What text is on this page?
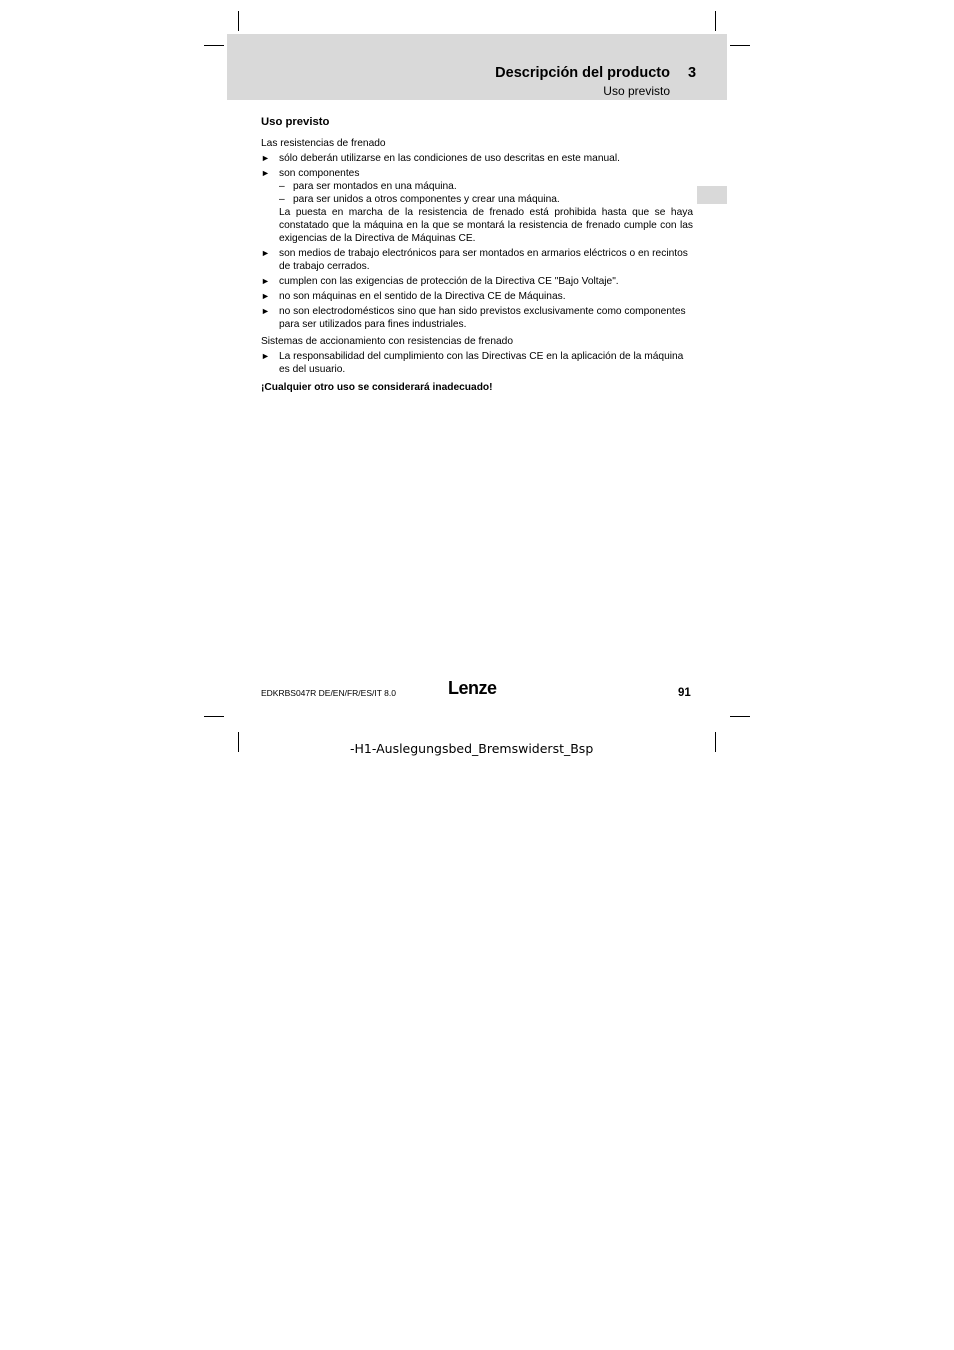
Descripción del producto 3
Uso previsto
Uso previsto
Las resistencias de frenado
► sólo deberán utilizarse en las condiciones de uso descritas en este manual.
► son componentes
– para ser montados en una máquina.
– para ser unidos a otros componentes y crear una máquina.
La puesta en marcha de la resistencia de frenado está prohibida hasta que se haya constatado que la máquina en la que se montará la resistencia de frenado cumple con las exigencias de la Directiva de Máquinas CE.
► son medios de trabajo electrónicos para ser montados en armarios eléctricos o en recintos de trabajo cerrados.
► cumplen con las exigencias de protección de la Directiva CE "Bajo Voltaje".
► no son máquinas en el sentido de la Directiva CE de Máquinas.
► no son electrodomésticos sino que han sido previstos exclusivamente como componentes para ser utilizados para fines industriales.
Sistemas de accionamiento con resistencias de frenado
► La responsabilidad del cumplimiento con las Directivas CE en la aplicación de la máquina es del usuario.
¡Cualquier otro uso se considerará inadecuado!
EDKRBS047R DE/EN/FR/ES/IT 8.0	Lenze	91
-H1-Auslegungsbed_Bremswiderst_Bsp
